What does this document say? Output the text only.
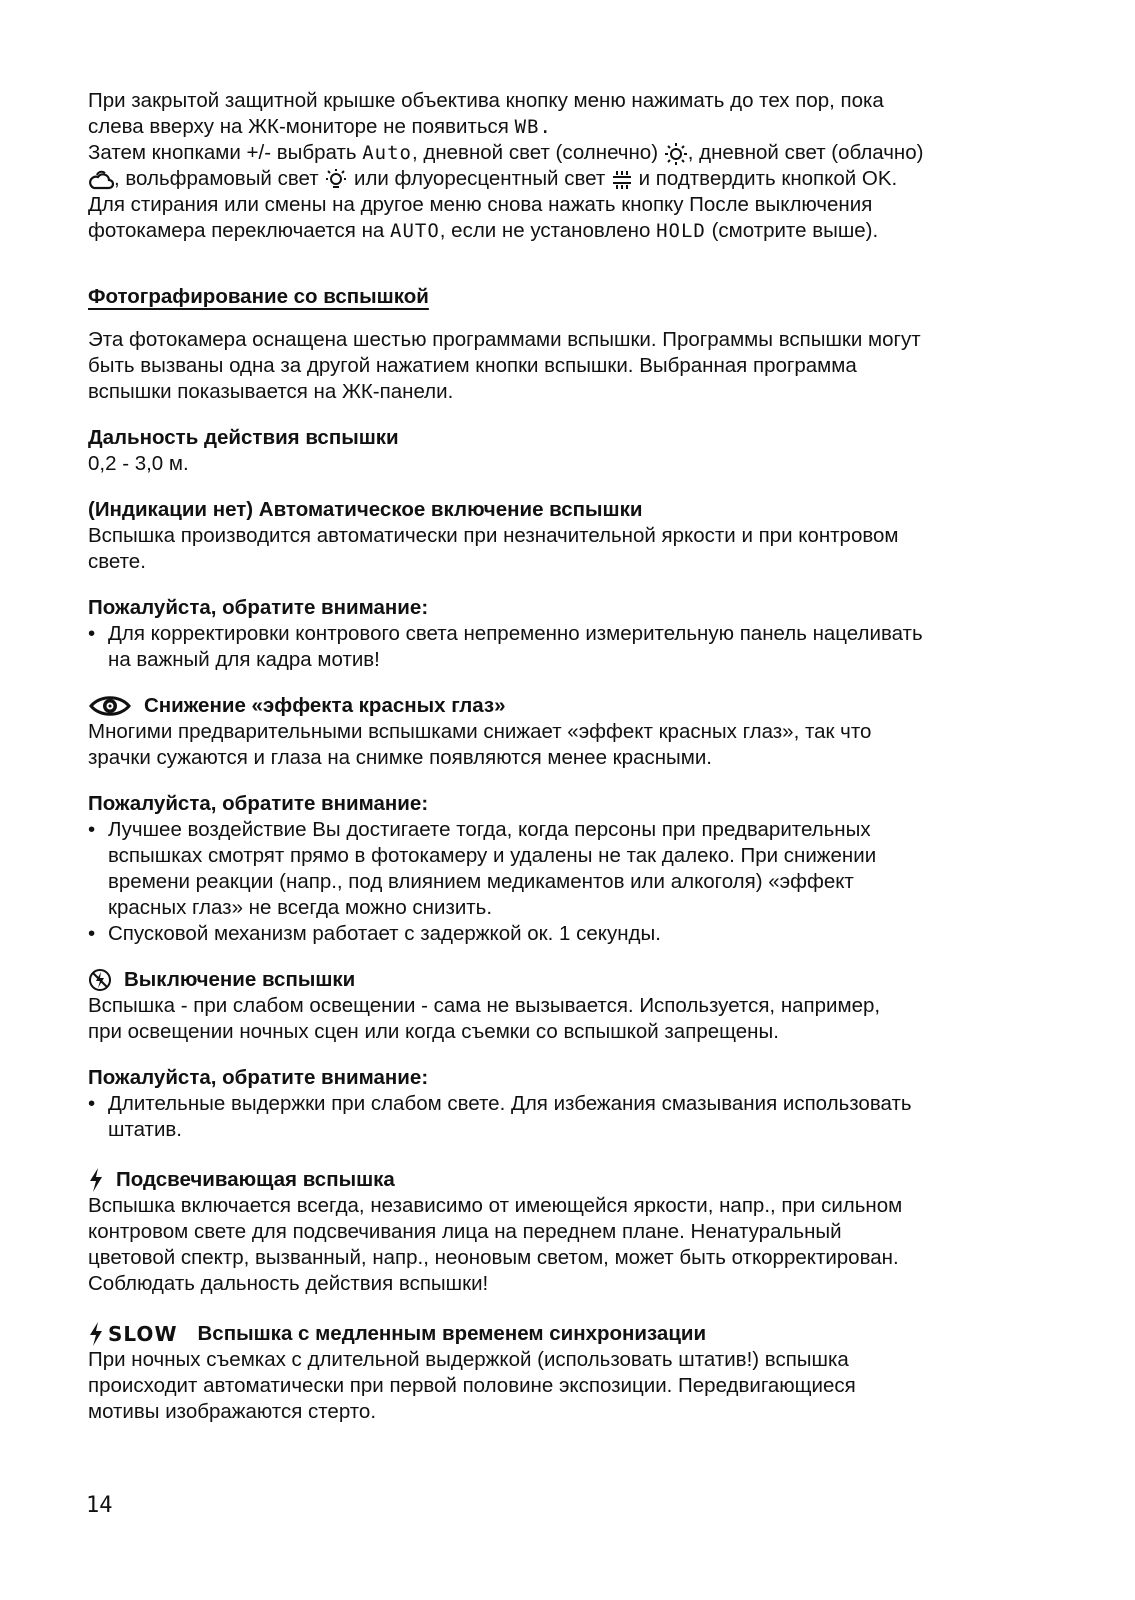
При закрытой защитной крышке объектива кнопку меню нажимать до тех пор, пока

слева вверху на ЖК-мониторе не появиться WB.

Затем кнопками +/- выбрать Auto, дневной свет (солнечно) , дневной свет (облачно)

, вольфрамовый свет  или флуоресцентный свет  и подтвердить кнопкой OK.

Для стирания или смены на другое меню снова нажать кнопку После выключения

фотокамера переключается на AUTO, если не установлено HOLD (смотрите выше).

Фотографирование со вспышкой

Эта фотокамера оснащена шестью программами вспышки. Программы вспышки могут

быть вызваны одна за другой нажатием кнопки вспышки. Выбранная программа

вспышки показывается на ЖК-панели.

Дальность действия вспышки

0,2 - 3,0 м.

(Индикации нет) Автоматическое включение вспышки

Вспышка производится автоматически при незначительной яркости и при контровом

свете.

Пожалуйста, обратите внимание:

• Для корректировки контрового света непременно измерительную панель нацеливать
на важный для кадра мотив!
Снижение «эффекта красных глаз»

Многими предварительными вспышками снижает «эффект красных глаз», так что

зрачки сужаются и глаза на снимке появляются менее красными.

Пожалуйста, обратите внимание:

• Лучшее воздействие Вы достигаете тогда, когда персоны при предварительных
вспышках смотрят прямо в фотокамеру и удалены не так далеко. При снижении
времени реакции (напр., под влиянием медикаментов или алкоголя) «эффект
красных глаз» не всегда можно снизить.
• Спусковой механизм работает с задержкой ок. 1 секунды.
Выключение вспышки

Вспышка - при слабом освещении - сама не вызывается. Используется, например,

при освещении ночных сцен или когда съемки со вспышкой запрещены.

Пожалуйста, обратите внимание:

• Длительные выдержки при слабом свете. Для избежания смазывания использовать
штатив.
Подсвечивающая вспышка

Вспышка включается всегда, независимо от имеющейся яркости, напр., при сильном

контровом свете для подсвечивания лица на переднем плане. Ненатуральный

цветовой спектр, вызванный, напр., неоновым светом, может быть откорректирован.

Соблюдать дальность действия вспышки!

SLOW Вспышка с медленным временем синхронизации

При ночных съемках с длительной выдержкой (использовать штатив!) вспышка

происходит автоматически при первой половине экспозиции. Передвигающиеся

мотивы изображаются стерто.

14
